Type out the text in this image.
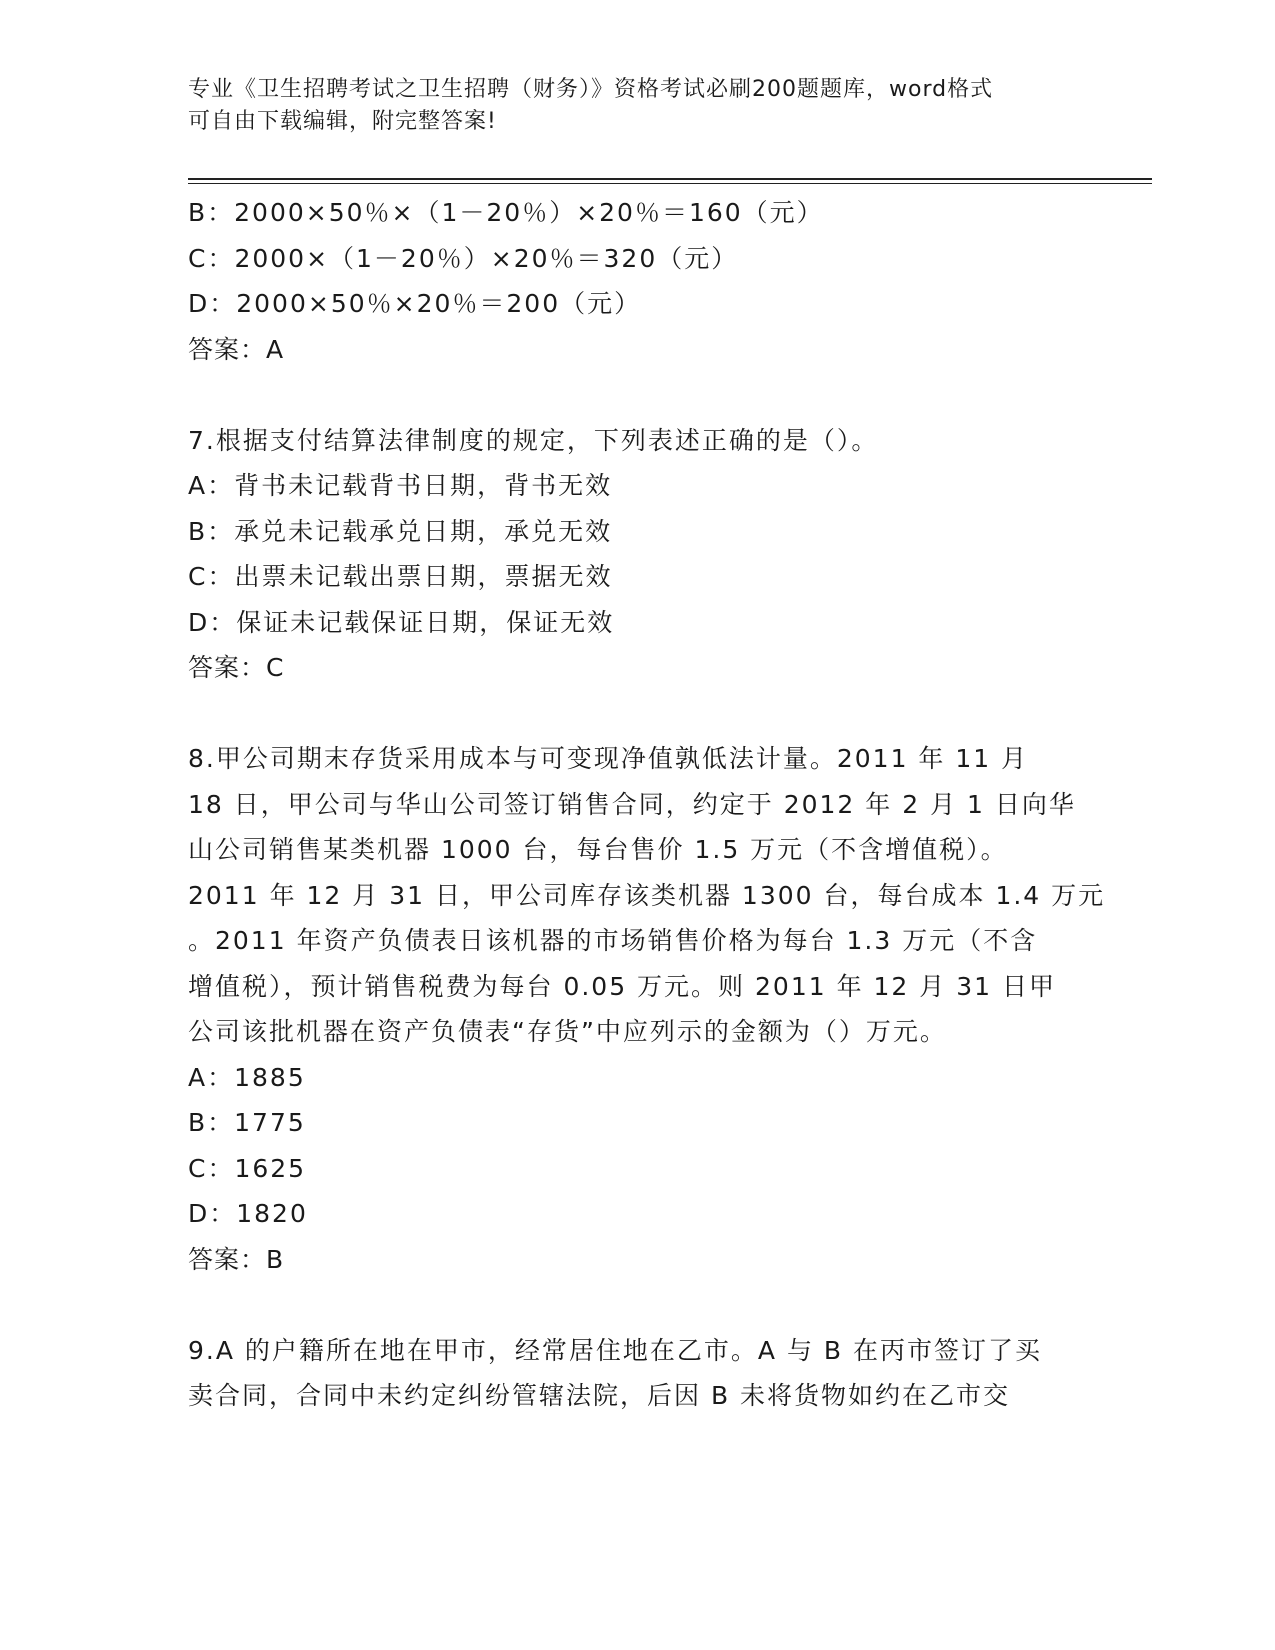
专业《卫生招聘考试之卫生招聘（财务）》资格考试必刷200题题库，word格式
可自由下载编辑，附完整答案!
B：2000×50％×（1－20％）×20％＝160（元）
C：2000×（1－20％）×20％＝320（元）
D：2000×50％×20％＝200（元）
答案：A
7.根据支付结算法律制度的规定，下列表述正确的是（）。
A：背书未记载背书日期，背书无效
B：承兑未记载承兑日期，承兑无效
C：出票未记载出票日期，票据无效
D：保证未记载保证日期，保证无效
答案：C
8.甲公司期末存货采用成本与可变现净值孰低法计量。2011 年 11 月
18 日，甲公司与华山公司签订销售合同，约定于 2012 年 2 月 1 日向华
山公司销售某类机器 1000 台，每台售价 1.5 万元（不含增值税）。
2011 年 12 月 31 日，甲公司库存该类机器 1300 台，每台成本 1.4 万元
。2011 年资产负债表日该机器的市场销售价格为每台 1.3 万元（不含
增值税），预计销售税费为每台 0.05 万元。则 2011 年 12 月 31 日甲
公司该批机器在资产负债表“存货”中应列示的金额为（）万元。
A：1885
B：1775
C：1625
D：1820
答案：B
9.A 的户籍所在地在甲市，经常居住地在乙市。A 与 B 在丙市签订了买
卖合同，合同中未约定纠纷管辖法院，后因 B 未将货物如约在乙市交
